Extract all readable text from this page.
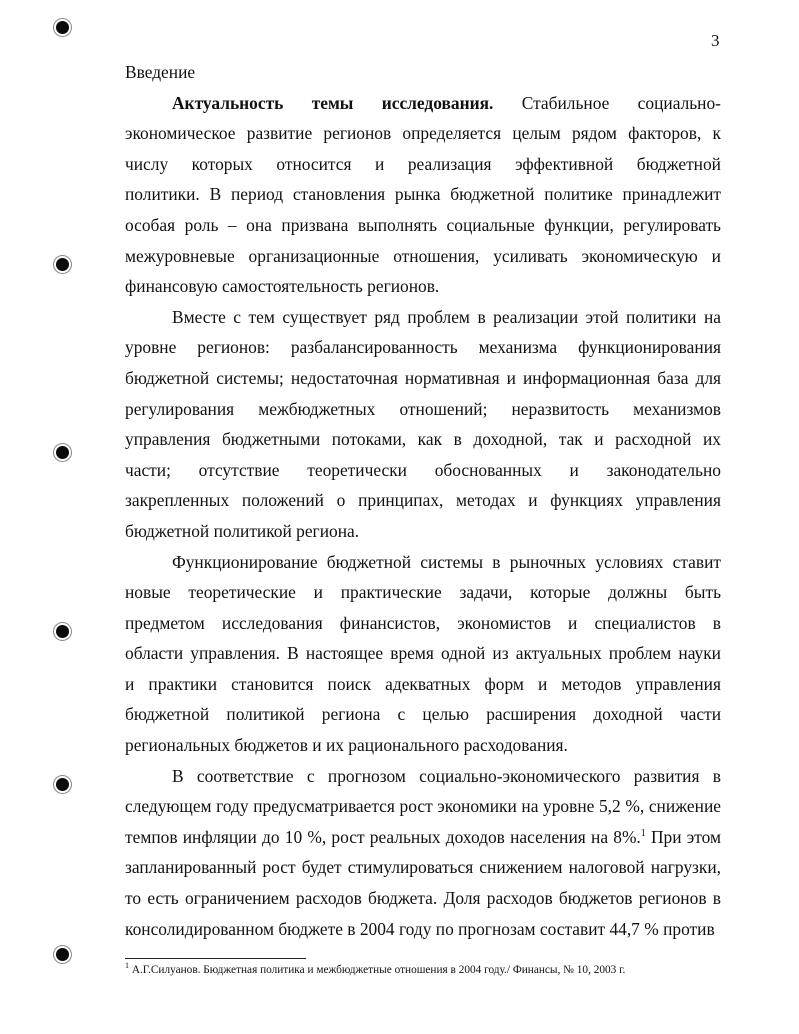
3
Введение
Актуальность темы исследования. Стабильное социально-
экономическое развитие регионов определяется целым рядом факторов, к
числу которых относится и реализация эффективной бюджетной
политики. В период становления рынка бюджетной политике принадлежит
особая роль – она призвана выполнять социальные функции, регулировать
межуровневые организационные отношения, усиливать экономическую и
финансовую самостоятельность регионов.
Вместе с тем существует ряд проблем в реализации этой политики на
уровне регионов: разбалансированность механизма функционирования
бюджетной системы; недостаточная нормативная и информационная база для
регулирования межбюджетных отношений; неразвитость механизмов
управления бюджетными потоками, как в доходной, так и расходной их
части; отсутствие теоретически обоснованных и законодательно
закрепленных положений о принципах, методах и функциях управления
бюджетной политикой региона.
Функционирование бюджетной системы в рыночных условиях ставит
новые теоретические и практические задачи, которые должны быть
предметом исследования финансистов, экономистов и специалистов в
области управления. В настоящее время одной из актуальных проблем науки
и практики становится поиск адекватных форм и методов управления
бюджетной политикой региона с целью расширения доходной части
региональных бюджетов и их рационального расходования.
В соответствие с прогнозом социально-экономического развития в
следующем году предусматривается рост экономики на уровне 5,2 %, снижение
темпов инфляции до 10 %, рост реальных доходов населения на 8%.$^1$ При этом
запланированный рост будет стимулироваться снижением налоговой нагрузки,
то есть ограничением расходов бюджета. Доля расходов бюджетов регионов в
консолидированном бюджете в 2004 году по прогнозам составит 44,7 % против
$^1$ А.Г.Силуанов. Бюджетная политика и межбюджетные отношения в 2004 году./ Финансы, № 10, 2003 г.
